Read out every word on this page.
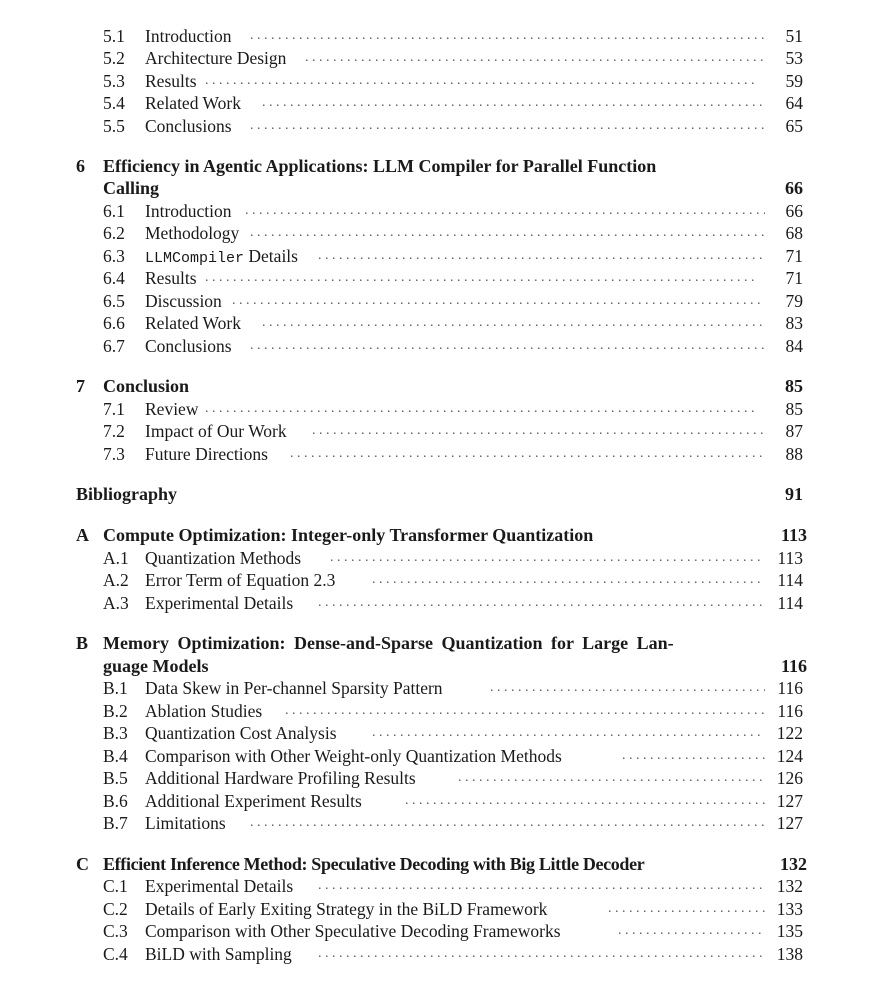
. . .
5.1 Introduction	51
. . .
5.2 Architecture Design	53
. . .
5.3 Results	59
. . .
5.4 Related Work	64
. . .
5.5 Conclusions	65
6 Efficiency in Agentic Applications: LLM Compiler for Parallel Function
Calling	66
. . .
6.1 Introduction	66
. . .
6.2 Methodology	68
. . .
6.3 LLMCompiler Details	71
. . .
6.4 Results	71
. . .
6.5 Discussion	79
. . .
6.6 Related Work	83
. . .
6.7 Conclusions	84
7 Conclusion	85
. . .
7.1 Review	85
. . .
7.2 Impact of Our Work	87
. . .
7.3 Future Directions	88
Bibliography	91
A Compute Optimization: Integer-only Transformer Quantization	113
. . .
A.1 Quantization Methods	113
. . .
A.2 Error Term of Equation 2.3	114
. . .
A.3 Experimental Details	114
B Memory Optimization: Dense-and-Sparse Quantization for Large Lan-
guage Models	116
. . .
B.1 Data Skew in Per-channel Sparsity Pattern	116
. . .
B.2 Ablation Studies	116
. . .
B.3 Quantization Cost Analysis	122
. . .
B.4 Comparison with Other Weight-only Quantization Methods	124
. . .
B.5 Additional Hardware Profiling Results	126
. . .
B.6 Additional Experiment Results	127
. . .
B.7 Limitations	127
C Efficient Inference Method: Speculative Decoding with Big Little Decoder	132
. . .
C.1 Experimental Details	132
. . .
C.2 Details of Early Exiting Strategy in the BiLD Framework	133
. . .
C.3 Comparison with Other Speculative Decoding Frameworks	135
. . .
C.4 BiLD with Sampling	138
